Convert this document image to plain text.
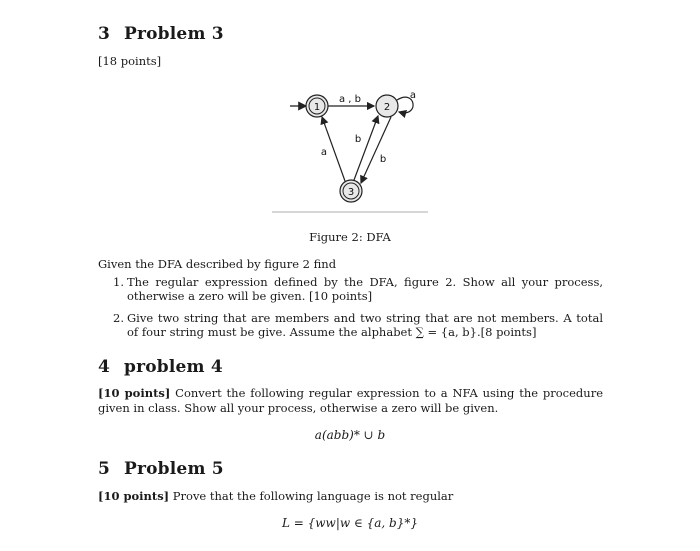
3 Problem 3
[18 points]
1	2
3
a , b	a
b
b
a
Figure 2: DFA
Given the DFA described by figure 2 find
1. The regular expression defined by the DFA, figure 2. Show all your process, otherwise a zero will be given. [10 points]
2. Give two string that are members and two string that are not members. A total of four string must be give. Assume the alphabet ∑ = {a, b}.[8 points]
4 problem 4
[10 points] Convert the following regular expression to a NFA using the procedure given in class. Show all your process, otherwise a zero will be given.
a(abb)* ∪ b
5 Problem 5
[10 points] Prove that the following language is not regular
L = {ww|w ∈ {a, b}*}
